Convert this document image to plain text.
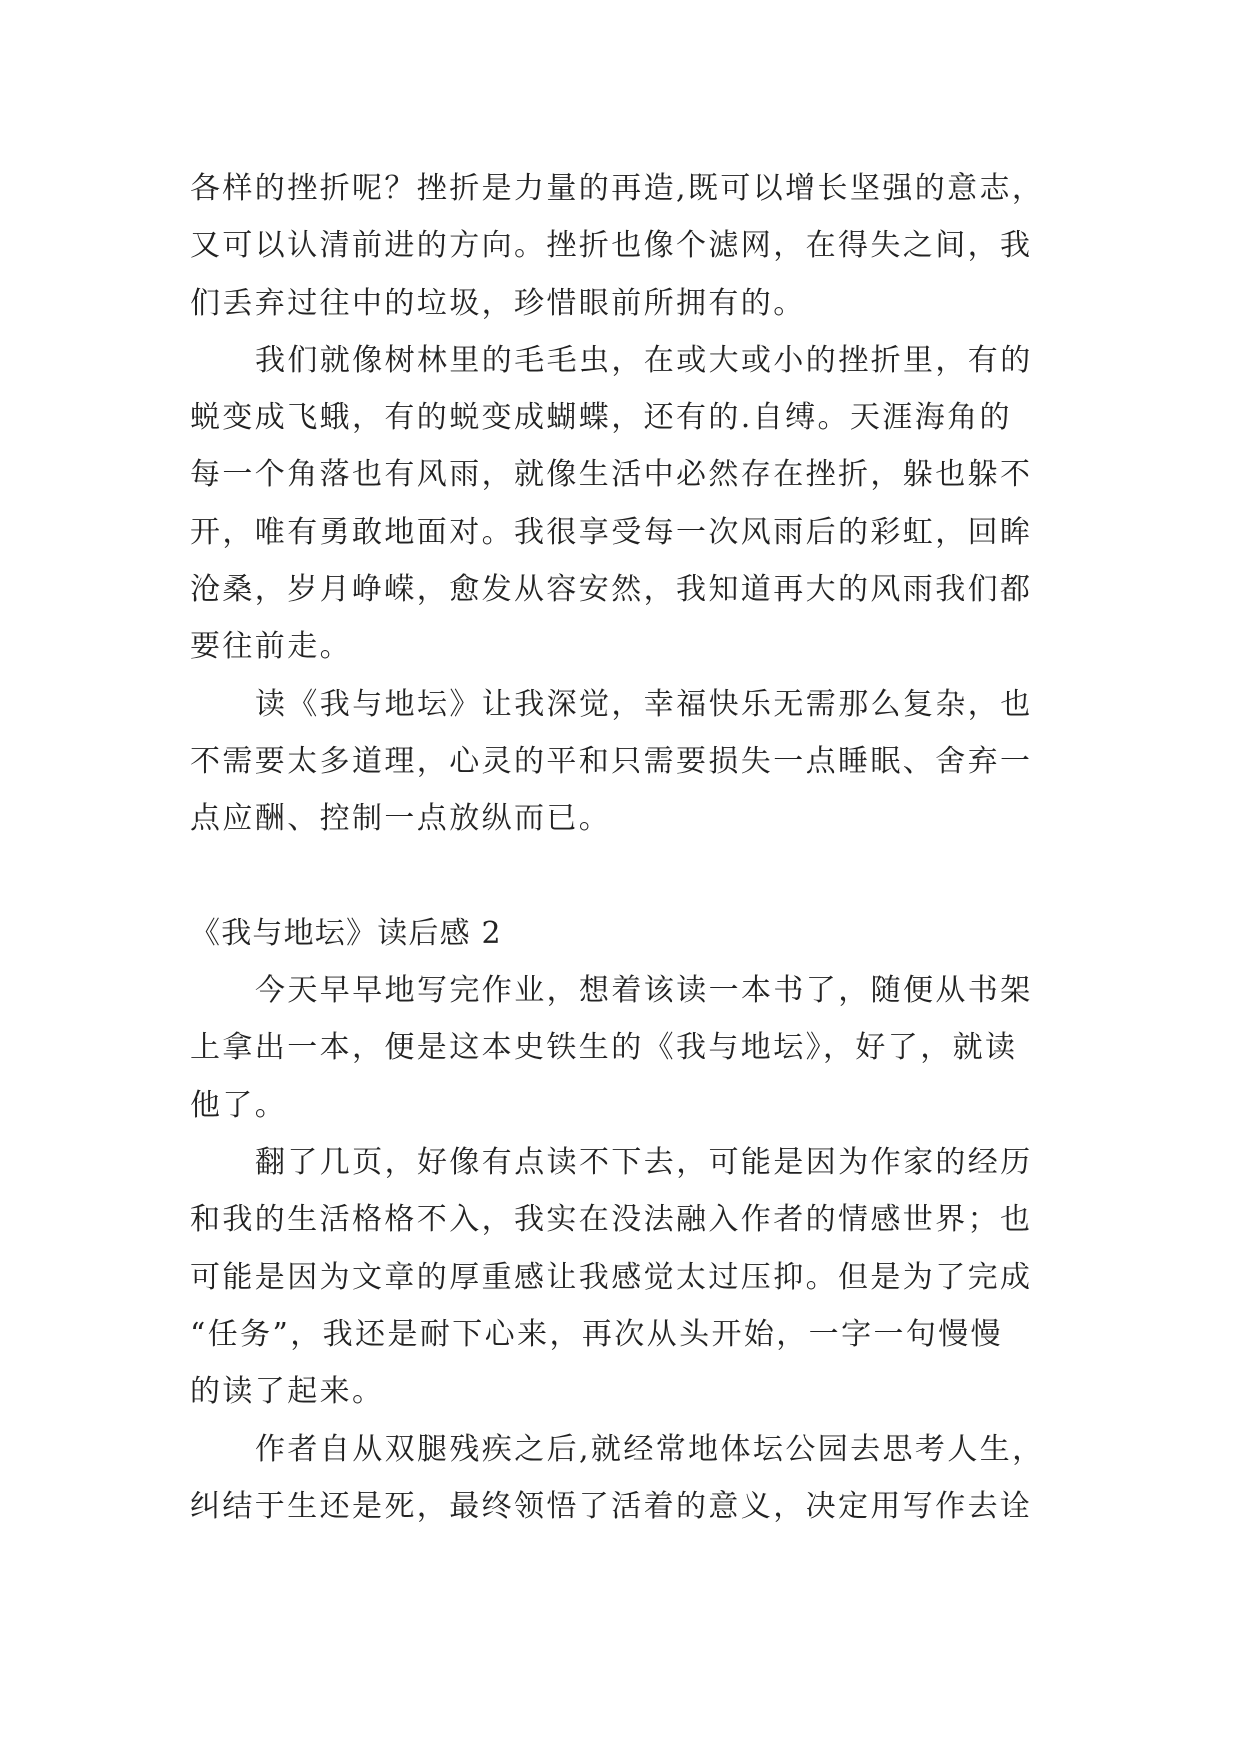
各样的挫折呢？挫折是力量的再造,既可以增长坚强的意志，
又可以认清前进的方向。挫折也像个滤网，在得失之间，我
们丢弃过往中的垃圾，珍惜眼前所拥有的。
我们就像树林里的毛毛虫，在或大或小的挫折里，有的
蜕变成飞蛾，有的蜕变成蝴蝶，还有的.自缚。天涯海角的
每一个角落也有风雨，就像生活中必然存在挫折，躲也躲不
开，唯有勇敢地面对。我很享受每一次风雨后的彩虹，回眸
沧桑，岁月峥嵘，愈发从容安然，我知道再大的风雨我们都
要往前走。
读《我与地坛》让我深觉，幸福快乐无需那么复杂，也
不需要太多道理，心灵的平和只需要损失一点睡眠、舍弃一
点应酬、控制一点放纵而已。
《我与地坛》读后感 2
今天早早地写完作业，想着该读一本书了，随便从书架
上拿出一本，便是这本史铁生的《我与地坛》，好了，就读
他了。
翻了几页，好像有点读不下去，可能是因为作家的经历
和我的生活格格不入，我实在没法融入作者的情感世界；也
可能是因为文章的厚重感让我感觉太过压抑。但是为了完成
“任务”，我还是耐下心来，再次从头开始，一字一句慢慢
的读了起来。
作者自从双腿残疾之后,就经常地体坛公园去思考人生，
纠结于生还是死，最终领悟了活着的意义，决定用写作去诠
